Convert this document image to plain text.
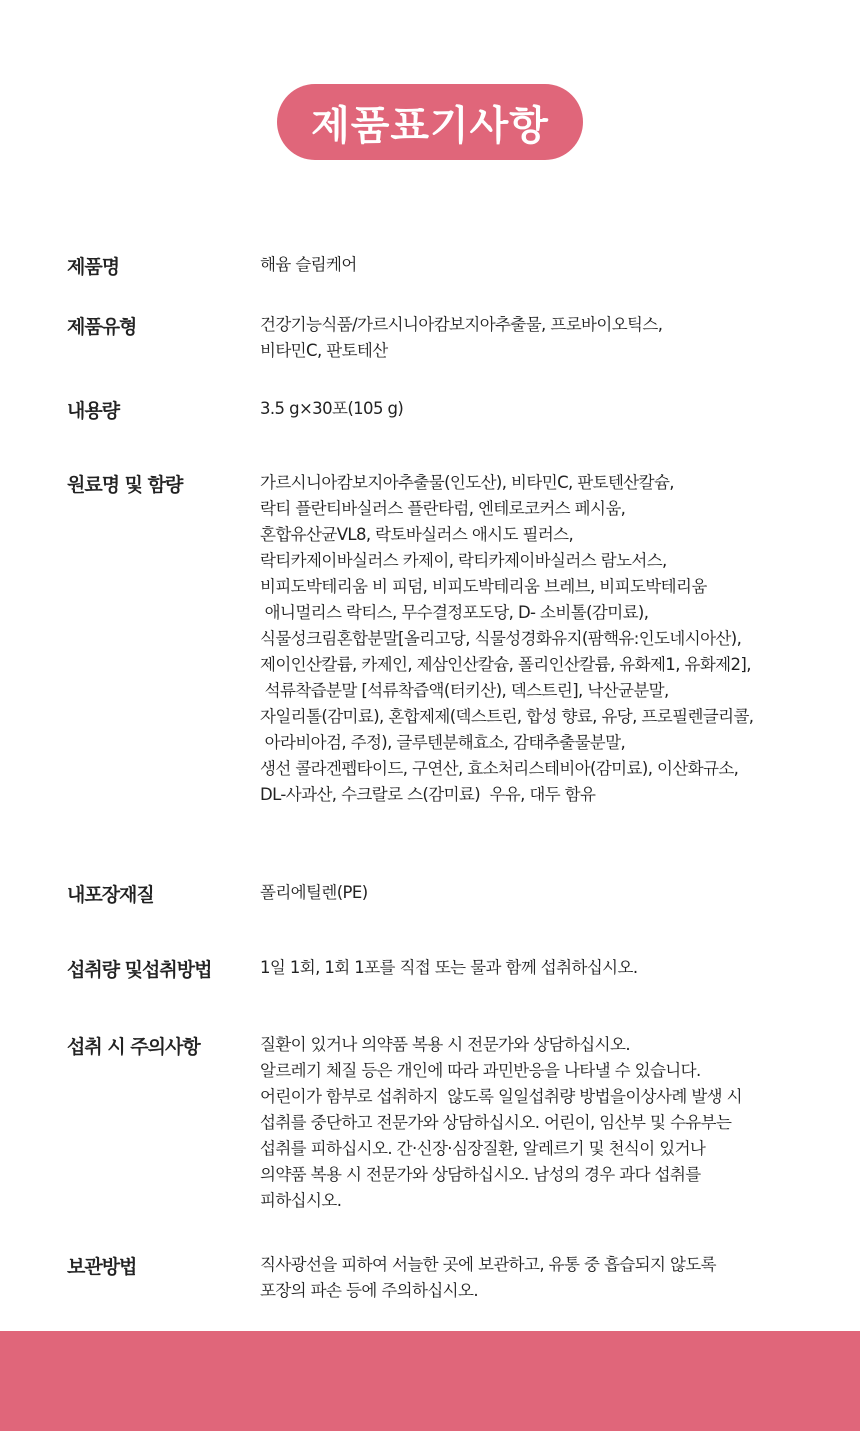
제품표기사항
제품명	해윰 슬림케어
제품유형	건강기능식품/가르시니아캄보지아추출물, 프로바이오틱스,
비타민C, 판토테산
내용량	3.5 g×30포(105 g)
원료명 및 함량	가르시니아캄보지아추출물(인도산), 비타민C, 판토텐산칼슘,
락티 플란티바실러스 플란타럼, 엔테로코커스 페시움,
혼합유산균VL8, 락토바실러스 애시도 필러스,
락티카제이바실러스 카제이, 락티카제이바실러스 람노서스,
비피도박테리움 비 피덤, 비피도박테리움 브레브, 비피도박테리움
애니멀리스 락티스, 무수결정포도당, D- 소비톨(감미료),
식물성크림혼합분말[올리고당, 식물성경화유지(팜핵유:인도네시아산),
제이인산칼륨, 카제인, 제삼인산칼슘, 폴리인산칼륨, 유화제1, 유화제2],
석류착즙분말 [석류착즙액(터키산), 덱스트린], 낙산균분말,
자일리톨(감미료), 혼합제제(덱스트린, 합성 향료, 유당, 프로필렌글리콜,
아라비아검, 주정), 글루텐분해효소, 감태추출물분말,
생선 콜라겐펩타이드, 구연산, 효소처리스테비아(감미료), 이산화규소,
DL-사과산, 수크랄로 스(감미료)  우유, 대두 함유
내포장재질	폴리에틸렌(PE)
섭취량 및섭취방법	1일 1회, 1회 1포를 직접 또는 물과 함께 섭취하십시오.
섭취 시 주의사항	질환이 있거나 의약품 복용 시 전문가와 상담하십시오.
알르레기 체질 등은 개인에 따라 과민반응을 나타낼 수 있습니다.
어린이가 함부로 섭취하지  않도록 일일섭취량 방법을이상사례 발생 시
섭취를 중단하고 전문가와 상담하십시오. 어린이, 임산부 및 수유부는
섭취를 피하십시오. 간·신장·심장질환, 알레르기 및 천식이 있거나
의약품 복용 시 전문가와 상담하십시오. 남성의 경우 과다 섭취를
피하십시오.
보관방법	직사광선을 피하여 서늘한 곳에 보관하고, 유통 중 흡습되지 않도록
포장의 파손 등에 주의하십시오.
